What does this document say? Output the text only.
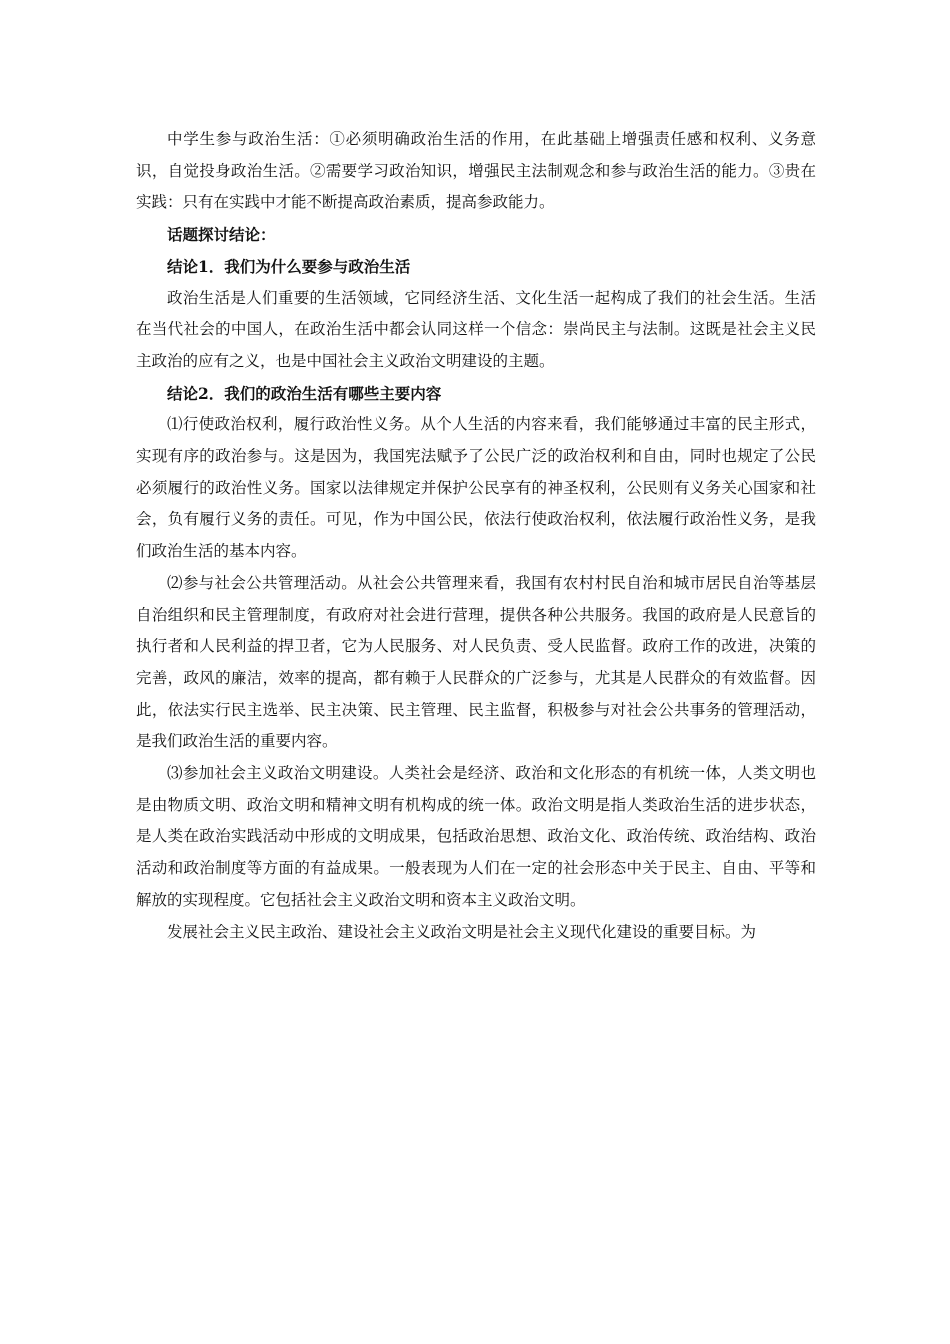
中学生参与政治生活：①必须明确政治生活的作用，在此基础上增强责任感和权利、义务意识，自觉投身政治生活。②需要学习政治知识，增强民主法制观念和参与政治生活的能力。③贵在实践：只有在实践中才能不断提高政治素质，提高参政能力。

话题探讨结论：

结论1．我们为什么要参与政治生活

政治生活是人们重要的生活领域，它同经济生活、文化生活一起构成了我们的社会生活。生活在当代社会的中国人，在政治生活中都会认同这样一个信念：崇尚民主与法制。这既是社会主义民主政治的应有之义，也是中国社会主义政治文明建设的主题。

结论2．我们的政治生活有哪些主要内容

⑴行使政治权利，履行政治性义务。从个人生活的内容来看，我们能够通过丰富的民主形式，实现有序的政治参与。这是因为，我国宪法赋予了公民广泛的政治权利和自由，同时也规定了公民必须履行的政治性义务。国家以法律规定并保护公民享有的神圣权利，公民则有义务关心国家和社会，负有履行义务的责任。可见，作为中国公民，依法行使政治权利，依法履行政治性义务，是我们政治生活的基本内容。

⑵参与社会公共管理活动。从社会公共管理来看，我国有农村村民自治和城市居民自治等基层自治组织和民主管理制度，有政府对社会进行营理，提供各种公共服务。我国的政府是人民意旨的执行者和人民利益的捍卫者，它为人民服务、对人民负责、受人民监督。政府工作的改进，决策的完善，政风的廉洁，效率的提高，都有赖于人民群众的广泛参与，尤其是人民群众的有效监督。因此，依法实行民主选举、民主决策、民主管理、民主监督，积极参与对社会公共事务的管理活动，是我们政治生活的重要内容。

⑶参加社会主义政治文明建设。人类社会是经济、政治和文化形态的有机统一体，人类文明也是由物质文明、政治文明和精神文明有机构成的统一体。政治文明是指人类政治生活的进步状态，是人类在政治实践活动中形成的文明成果，包括政治思想、政治文化、政治传统、政治结构、政治活动和政治制度等方面的有益成果。一般表现为人们在一定的社会形态中关于民主、自由、平等和解放的实现程度。它包括社会主义政治文明和资本主义政治文明。

发展社会主义民主政治、建设社会主义政治文明是社会主义现代化建设的重要目标。为
